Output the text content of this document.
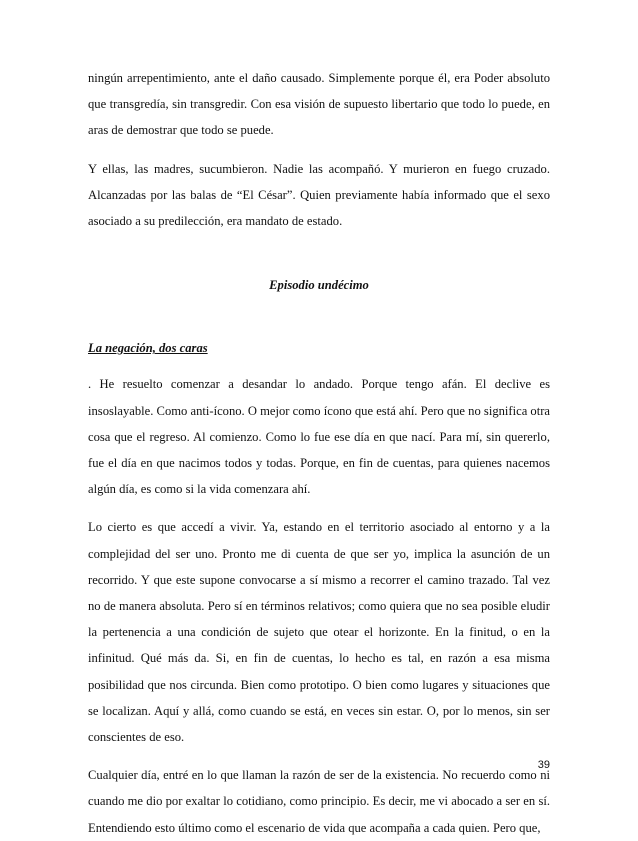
ningún arrepentimiento, ante el daño causado. Simplemente porque él, era Poder absoluto que transgredía, sin transgredir. Con esa visión de supuesto libertario que todo lo puede, en aras de demostrar que todo se puede.

Y ellas, las madres, sucumbieron. Nadie las acompañó. Y murieron en fuego cruzado. Alcanzadas por las balas de “El César”. Quien previamente había informado que el sexo asociado a su predilección, era mandato de estado.

Episodio undécimo
La negación, dos caras

. He resuelto comenzar a desandar lo andado. Porque tengo afán. El declive es insoslayable. Como anti-ícono. O mejor como ícono que está ahí. Pero que no significa otra cosa que el regreso. Al comienzo. Como lo fue ese día en que nací. Para mí, sin quererlo, fue el día en que nacimos todos y todas. Porque, en fin de cuentas, para quienes nacemos algún día, es como si la vida comenzara ahí.

Lo cierto es que accedí a vivir. Ya, estando en el territorio asociado al entorno y a la complejidad del ser uno. Pronto me di cuenta de que ser yo, implica la asunción de un recorrido. Y que este supone convocarse a sí mismo a recorrer el camino trazado. Tal vez no de manera absoluta. Pero sí en términos relativos; como quiera que no sea posible eludir la pertenencia a una condición de sujeto que otear el horizonte. En la finitud, o en la infinitud. Qué más da. Si, en fin de cuentas, lo hecho es tal, en razón a esa misma posibilidad que nos circunda. Bien como prototipo. O bien como lugares y situaciones que se localizan. Aquí y allá, como cuando se está, en veces sin estar. O, por lo menos, sin ser conscientes de eso.

Cualquier día, entré en lo que llaman la razón de ser de la existencia. No recuerdo como ni cuando me dio por exaltar lo cotidiano, como principio. Es decir, me vi abocado a ser en sí. Entendiendo esto último como el escenario de vida que acompaña a cada quien. Pero que,

39
